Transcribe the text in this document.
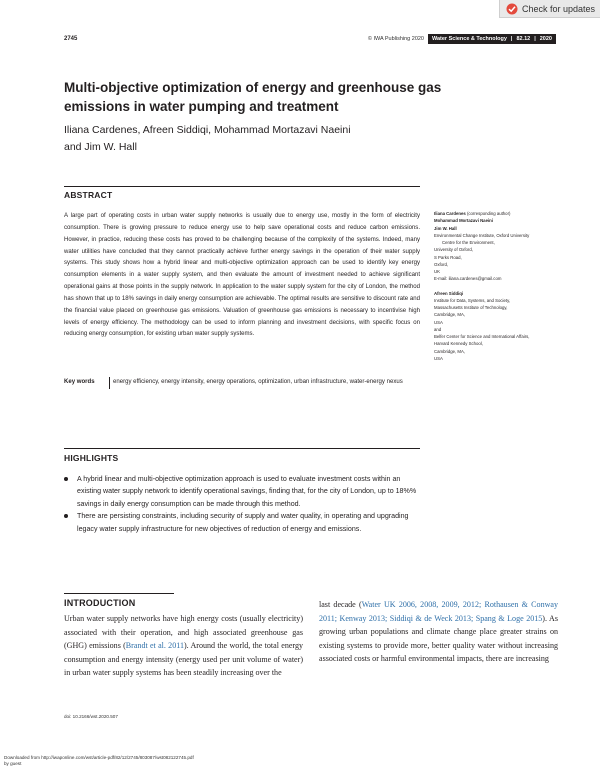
Check for updates
2745	© IWA Publishing 2020 Water Science & Technology | 82.12 | 2020
Multi-objective optimization of energy and greenhouse gas emissions in water pumping and treatment
Iliana Cardenes, Afreen Siddiqi, Mohammad Mortazavi Naeini
and Jim W. Hall
ABSTRACT
A large part of operating costs in urban water supply networks is usually due to energy use, mostly in the form of electricity consumption. There is growing pressure to reduce energy use to help save operational costs and reduce carbon emissions. However, in practice, reducing these costs has proved to be challenging because of the complexity of the systems. Indeed, many water utilities have concluded that they cannot practically achieve further energy savings in the operation of their water supply systems. This study shows how a hybrid linear and multi-objective optimization approach can be used to identify key energy consumption elements in a water supply system, and then evaluate the amount of investment needed to achieve significant operational gains at those points in the supply network. In application to the water supply system for the city of London, the method has shown that up to 18% savings in daily energy consumption are achievable. The optimal results are sensitive to discount rate and the financial value placed on greenhouse gas emissions. Valuation of greenhouse gas emissions is necessary to incentivise high levels of energy efficiency. The methodology can be used to inform planning and investment decisions, with specific focus on reducing energy consumption, for existing urban water supply systems.
Key words	energy efficiency, energy intensity, energy operations, optimization, urban infrastructure, water-energy nexus
Iliana Cardenes (corresponding author)
Mohammad Mortazavi Naeini
Jim W. Hall
Environmental Change Institute, Oxford University
Centre for the Environment,
University of Oxford,
S Parks Road,
Oxford,
UK
E-mail: iliana.cardenes@gmail.com
Afreen Siddiqi
Institute for Data, Systems, and Society,
Massachusetts Institute of Technology,
Cambridge, MA,
USA
and
Belfer Center for Science and International Affairs,
Harvard Kennedy School,
Cambridge, MA,
USA
HIGHLIGHTS
A hybrid linear and multi-objective optimization approach is used to evaluate investment costs within an existing water supply network to identify operational savings, finding that, for the city of London, up to 18%% savings in daily energy consumption can be made through this method.
There are persisting constraints, including security of supply and water quality, in operating and upgrading legacy water supply infrastructure for new objectives of reduction of energy and emissions.
INTRODUCTION
Urban water supply networks have high energy costs (usually electricity) associated with their operation, and high associated greenhouse gas (GHG) emissions (Brandt et al. 2011). Around the world, the total energy consumption and energy intensity (energy used per unit volume of water) in urban water supply systems has been steadily increasing over the
last decade (Water UK 2006, 2008, 2009, 2012; Rothausen & Conway 2011; Kenway 2013; Siddiqi & de Weck 2013; Spang & Loge 2015). As growing urban populations and climate change place greater strains on existing systems to provide more, better quality water without increasing associated costs or harmful environmental impacts, there are increasing
doi: 10.2166/wst.2020.507
Downloaded from http://iwaponline.com/wst/article-pdf/82/12/2745/803087/wst082122745.pdf
by guest
